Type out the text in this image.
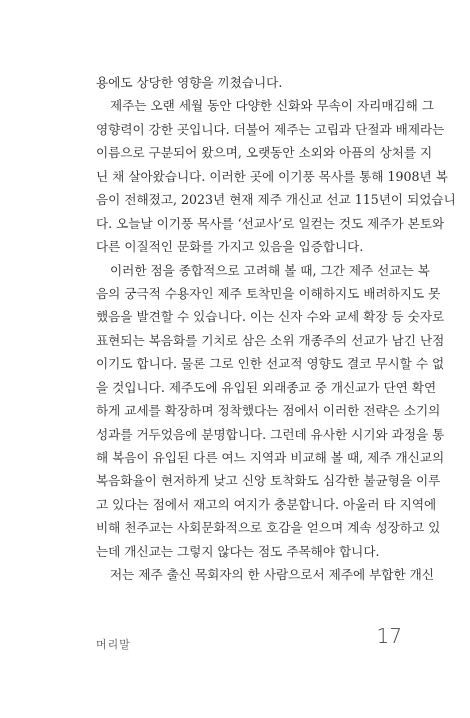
용에도 상당한 영향을 끼쳤습니다.
제주는 오랜 세월 동안 다양한 신화와 무속이 자리매김해 그
영향력이 강한 곳입니다. 더불어 제주는 고립과 단절과 배제라는
이름으로 구분되어 왔으며, 오랫동안 소외와 아픔의 상처를 지
닌 채 살아왔습니다. 이러한 곳에 이기풍 목사를 통해 1908년 복
음이 전해졌고, 2023년 현재 제주 개신교 선교 115년이 되었습니
다. 오늘날 이기풍 목사를 ‘선교사’로 일컫는 것도 제주가 본토와
다른 이질적인 문화를 가지고 있음을 입증합니다.
이러한 점을 종합적으로 고려해 볼 때, 그간 제주 선교는 복
음의 궁극적 수용자인 제주 토착민을 이해하지도 배려하지도 못
했음을 발견할 수 있습니다. 이는 신자 수와 교세 확장 등 숫자로
표현되는 복음화를 기치로 삼은 소위 개종주의 선교가 남긴 난점
이기도 합니다. 물론 그로 인한 선교적 영향도 결코 무시할 수 없
을 것입니다. 제주도에 유입된 외래종교 중 개신교가 단연 확연
하게 교세를 확장하며 정착했다는 점에서 이러한 전략은 소기의
성과를 거두었음에 분명합니다. 그런데 유사한 시기와 과정을 통
해 복음이 유입된 다른 여느 지역과 비교해 볼 때, 제주 개신교의
복음화율이 현저하게 낮고 신앙 토착화도 심각한 불균형을 이루
고 있다는 점에서 재고의 여지가 충분합니다. 아울러 타 지역에
비해 천주교는 사회문화적으로 호감을 얻으며 계속 성장하고 있
는데 개신교는 그렇지 않다는 점도 주목해야 합니다.
저는 제주 출신 목회자의 한 사람으로서 제주에 부합한 개신
머리말	17
